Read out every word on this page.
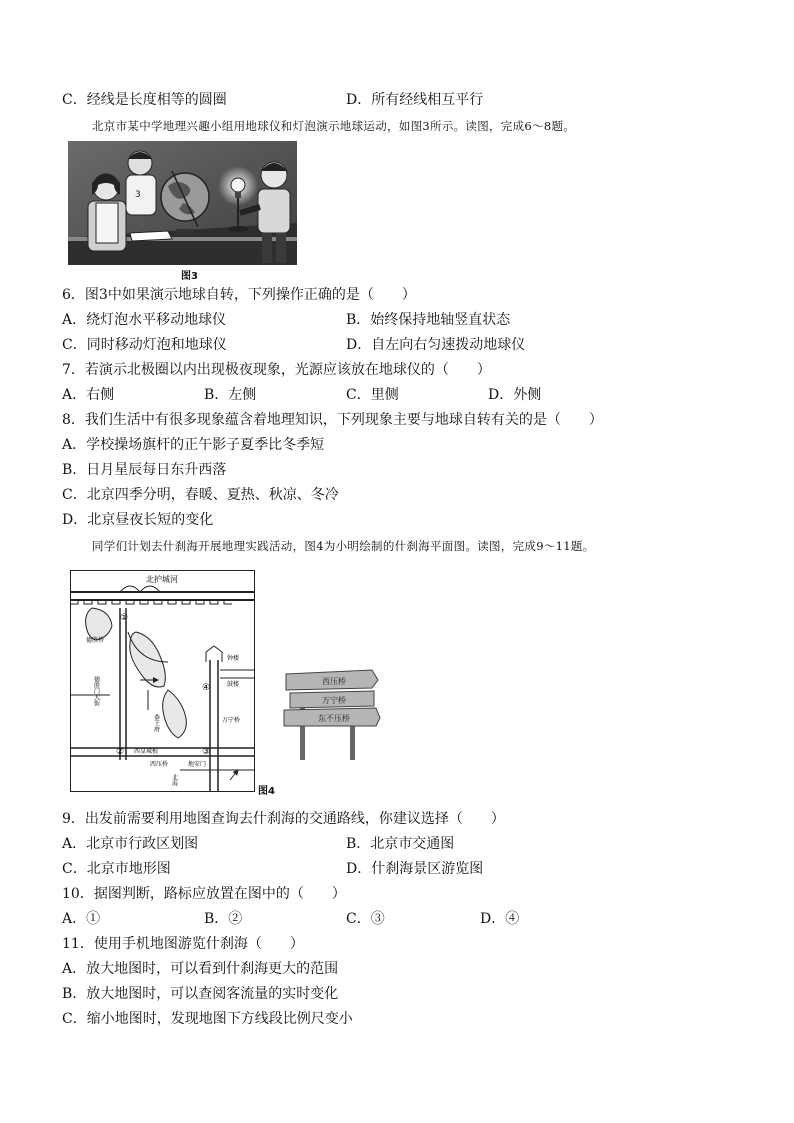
C．经线是长度相等的圆圈	D．所有经线相互平行
北京市某中学地理兴趣小组用地球仪和灯泡演示地球运动，如图3所示。读图，完成6～8题。
3
图3
6．图3中如果演示地球自转，下列操作正确的是（　　）
A．绕灯泡水平移动地球仪	B．始终保持地轴竖直状态
C．同时移动灯泡和地球仪	D．自左向右匀速拨动地球仪
7．若演示北极圈以内出现极夜现象，光源应该放在地球仪的（　　）
A．右侧	B．左侧	C．里侧	D．外侧
8．我们生活中有很多现象蕴含着地理知识，下列现象主要与地球自转有关的是（　　）
A．学校操场旗杆的正午影子夏季比冬季短
B．日月星辰每日东升西落
C．北京四季分明，春暖、夏热、秋凉、冬冷
D．北京昼夜长短的变化
同学们计划去什刹海开展地理实践活动，图4为小明绘制的什刹海平面图。读图，完成9～11题。
北护城河
德胜桥
德胜门大街
钟楼
鼓楼
万宁桥
西压桥
西皇城根
地安门
北海
恭王府
①
②	③
④
图4
西压桥
万宁桥
东不压桥
9．出发前需要利用地图查询去什刹海的交通路线，你建议选择（　　）
A．北京市行政区划图	B．北京市交通图
C．北京市地形图	D．什刹海景区游览图
10．据图判断，路标应放置在图中的（　　）
A．①	B．②	C．③	D．④
11．使用手机地图游览什刹海（　　）
A．放大地图时，可以看到什刹海更大的范围
B．放大地图时，可以查阅客流量的实时变化
C．缩小地图时，发现地图下方线段比例尺变小
